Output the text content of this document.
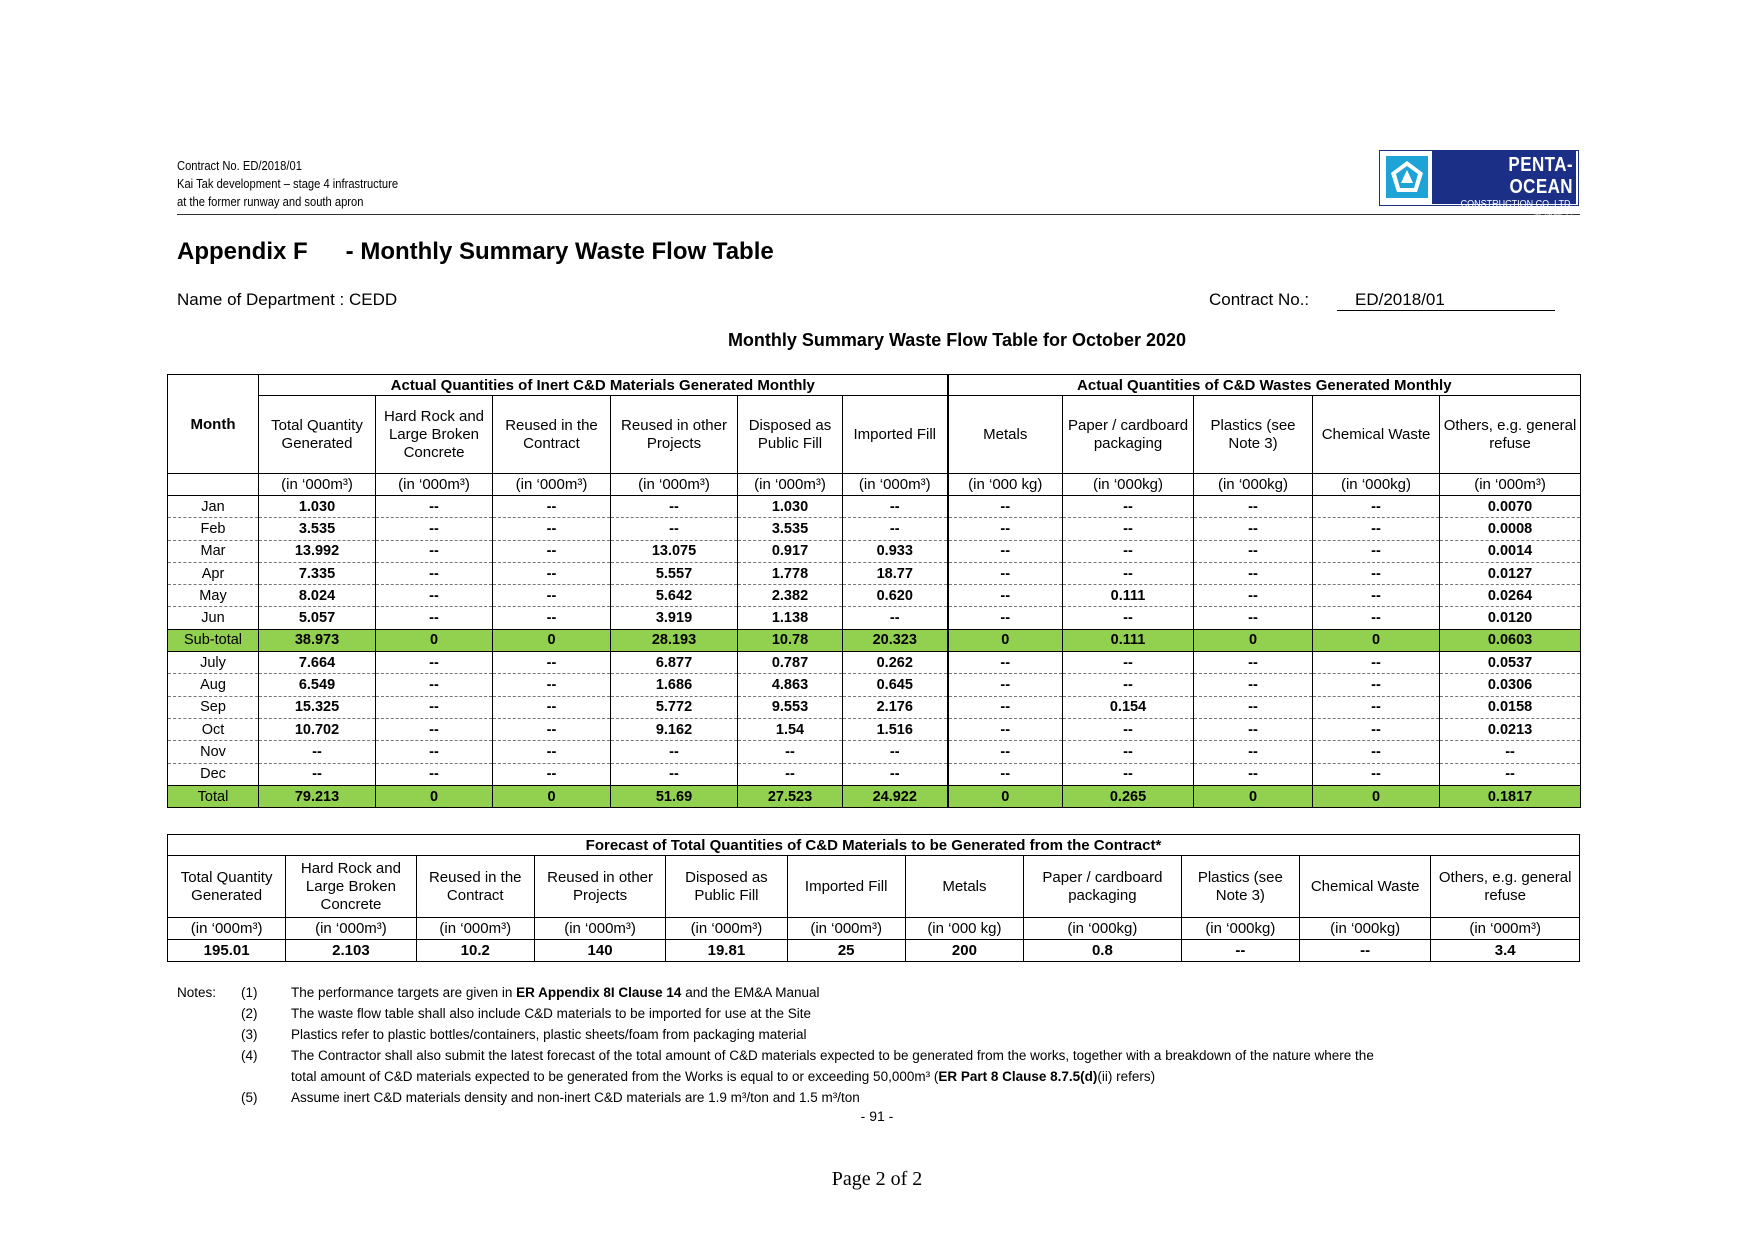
Contract No. ED/2018/01
Kai Tak development – stage 4 infrastructure
at the former runway and south apron
PENTA-OCEAN
CONSTRUCTION CO.,LTD.
五洋建設
Appendix F - Monthly Summary Waste Flow Table
Name of Department : CEDD	Contract No.:	ED/2018/01
Monthly Summary Waste Flow Table for October 2020
Month	Actual Quantities of Inert C&D Materials Generated Monthly						Actual Quantities of C&D Wastes Generated Monthly				
	Total Quantity Generated	Hard Rock and Large Broken Concrete	Reused in the Contract	Reused in other Projects	Disposed as Public Fill	Imported Fill	Metals	Paper / cardboard packaging	Plastics (see Note 3)	Chemical Waste	Others, e.g. general refuse
	(in ‘000m³)	(in ‘000m³)	(in ‘000m³)	(in ‘000m³)	(in ‘000m³)	(in ‘000m³)	(in ‘000 kg)	(in ‘000kg)	(in ‘000kg)	(in ‘000kg)	(in ‘000m³)
Jan	1.030	--	--	--	1.030	--	--	--	--	--	0.0070
Feb	3.535	--	--	--	3.535	--	--	--	--	--	0.0008
Mar	13.992	--	--	13.075	0.917	0.933	--	--	--	--	0.0014
Apr	7.335	--	--	5.557	1.778	18.77	--	--	--	--	0.0127
May	8.024	--	--	5.642	2.382	0.620	--	0.111	--	--	0.0264
Jun	5.057	--	--	3.919	1.138	--	--	--	--	--	0.0120
Sub-total	38.973	0	0	28.193	10.78	20.323	0	0.111	0	0	0.0603
July	7.664	--	--	6.877	0.787	0.262	--	--	--	--	0.0537
Aug	6.549	--	--	1.686	4.863	0.645	--	--	--	--	0.0306
Sep	15.325	--	--	5.772	9.553	2.176	--	0.154	--	--	0.0158
Oct	10.702	--	--	9.162	1.54	1.516	--	--	--	--	0.0213
Nov	--	--	--	--	--	--	--	--	--	--	--
Dec	--	--	--	--	--	--	--	--	--	--	--
Total	79.213	0	0	51.69	27.523	24.922	0	0.265	0	0	0.1817
Forecast of Total Quantities of C&D Materials to be Generated from the Contract*										
Total Quantity Generated	Hard Rock and Large Broken Concrete	Reused in the Contract	Reused in other Projects	Disposed as Public Fill	Imported Fill	Metals	Paper / cardboard packaging	Plastics (see Note 3)	Chemical Waste	Others, e.g. general refuse
(in ‘000m³)	(in ‘000m³)	(in ‘000m³)	(in ‘000m³)	(in ‘000m³)	(in ‘000m³)	(in ‘000 kg)	(in ‘000kg)	(in ‘000kg)	(in ‘000kg)	(in ‘000m³)
195.01	2.103	10.2	140	19.81	25	200	0.8	--	--	3.4
Notes: (1) The performance targets are given in ER Appendix 8I Clause 14 and the EM&A Manual
(2) The waste flow table shall also include C&D materials to be imported for use at the Site
(3) Plastics refer to plastic bottles/containers, plastic sheets/foam from packaging material
(4) The Contractor shall also submit the latest forecast of the total amount of C&D materials expected to be generated from the works, together with a breakdown of the nature where the
total amount of C&D materials expected to be generated from the Works is equal to or exceeding 50,000m³ (ER Part 8 Clause 8.7.5(d)(ii) refers)
(5) Assume inert C&D materials density and non-inert C&D materials are 1.9 m³/ton and 1.5 m³/ton
- 91 -
Page 2 of 2
